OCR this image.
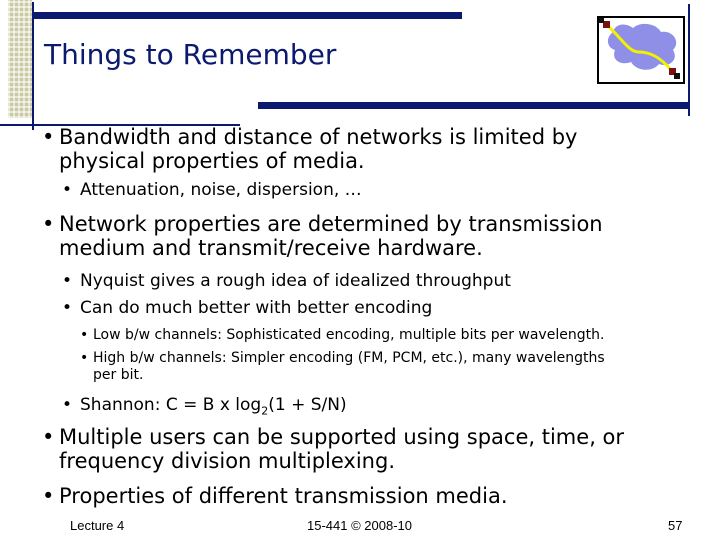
Things to Remember
• Bandwidth and distance of networks is limited by
physical properties of media.
• Attenuation, noise, dispersion, …
• Network properties are determined by transmission
medium and transmit/receive hardware.
• Nyquist gives a rough idea of idealized throughput
• Can do much better with better encoding
• Low b/w channels: Sophisticated encoding, multiple bits per wavelength.
• High b/w channels: Simpler encoding (FM, PCM, etc.), many wavelengths
per bit.
• Shannon: C = B x $\log_2(1 + S/N)$
• Multiple users can be supported using space, time, or
frequency division multiplexing.
• Properties of different transmission media.
Lecture 4	15-441 © 2008-10	57
